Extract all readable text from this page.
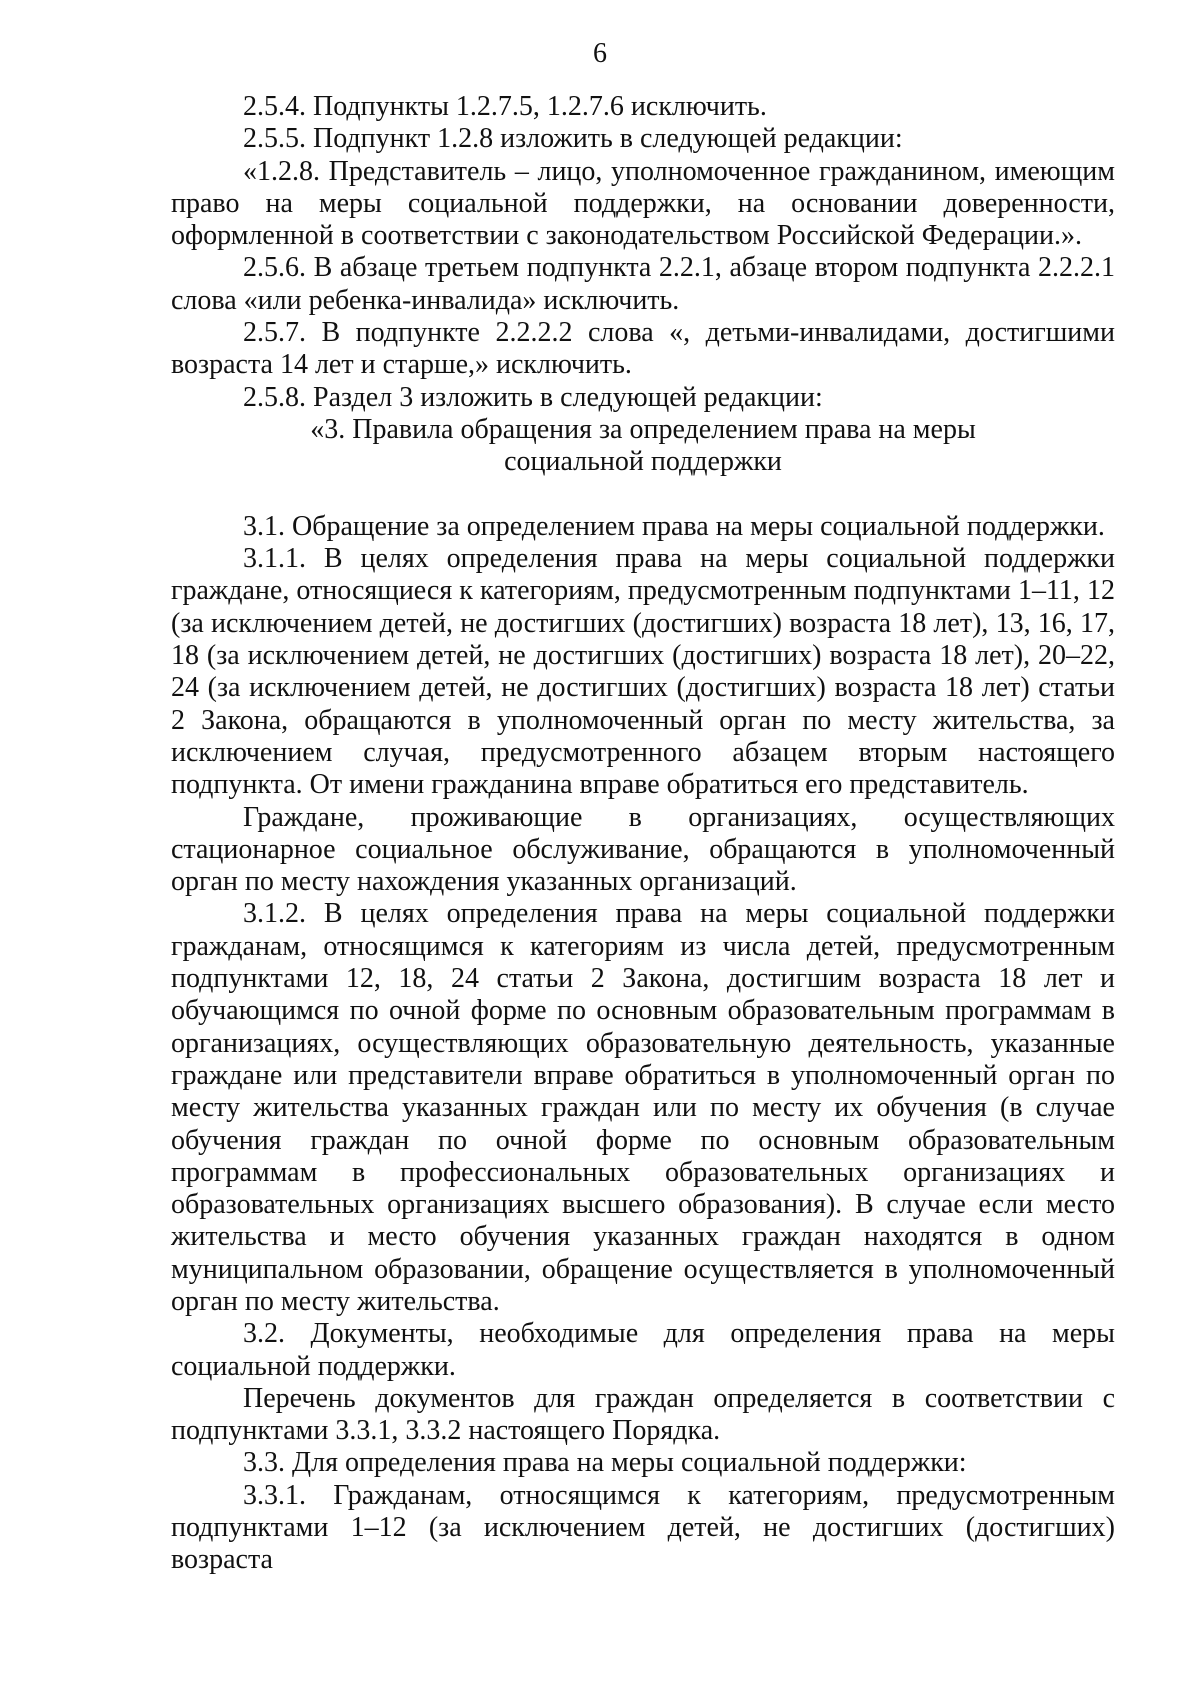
6

2.5.4. Подпункты 1.2.7.5, 1.2.7.6 исключить.

2.5.5. Подпункт 1.2.8 изложить в следующей редакции:

«1.2.8. Представитель – лицо, уполномоченное гражданином, имеющим право на меры социальной поддержки, на основании доверенности, оформленной в соответствии с законодательством Российской Федерации.».

2.5.6. В абзаце третьем подпункта 2.2.1, абзаце втором подпункта 2.2.2.1 слова «или ребенка-инвалида» исключить.

2.5.7. В подпункте 2.2.2.2 слова «, детьми-инвалидами, достигшими возраста 14 лет и старше,» исключить.

2.5.8. Раздел 3 изложить в следующей редакции:

«3. Правила обращения за определением права на меры

социальной поддержки

3.1. Обращение за определением права на меры социальной поддержки.

3.1.1. В целях определения права на меры социальной поддержки граждане, относящиеся к категориям, предусмотренным подпунктами 1–11, 12 (за исключением детей, не достигших (достигших) возраста 18 лет), 13, 16, 17, 18 (за исключением детей, не достигших (достигших) возраста 18 лет), 20–22, 24 (за исключением детей, не достигших (достигших) возраста 18 лет) статьи 2 Закона, обращаются в уполномоченный орган по месту жительства, за исключением случая, предусмотренного абзацем вторым настоящего подпункта. От имени гражданина вправе обратиться его представитель.

Граждане, проживающие в организациях, осуществляющих стационарное социальное обслуживание, обращаются в уполномоченный орган по месту нахождения указанных организаций.

3.1.2. В целях определения права на меры социальной поддержки гражданам, относящимся к категориям из числа детей, предусмотренным подпунктами 12, 18, 24 статьи 2 Закона, достигшим возраста 18 лет и обучающимся по очной форме по основным образовательным программам в организациях, осуществляющих образовательную деятельность, указанные граждане или представители вправе обратиться в уполномоченный орган по месту жительства указанных граждан или по месту их обучения (в случае обучения граждан по очной форме по основным образовательным программам в профессиональных образовательных организациях и образовательных организациях высшего образования). В случае если место жительства и место обучения указанных граждан находятся в одном муниципальном образовании, обращение осуществляется в уполномоченный орган по месту жительства.

3.2. Документы, необходимые для определения права на меры социальной поддержки.

Перечень документов для граждан определяется в соответствии с подпунктами 3.3.1, 3.3.2 настоящего Порядка.

3.3. Для определения права на меры социальной поддержки:

3.3.1. Гражданам, относящимся к категориям, предусмотренным подпунктами 1–12 (за исключением детей, не достигших (достигших) возраста
